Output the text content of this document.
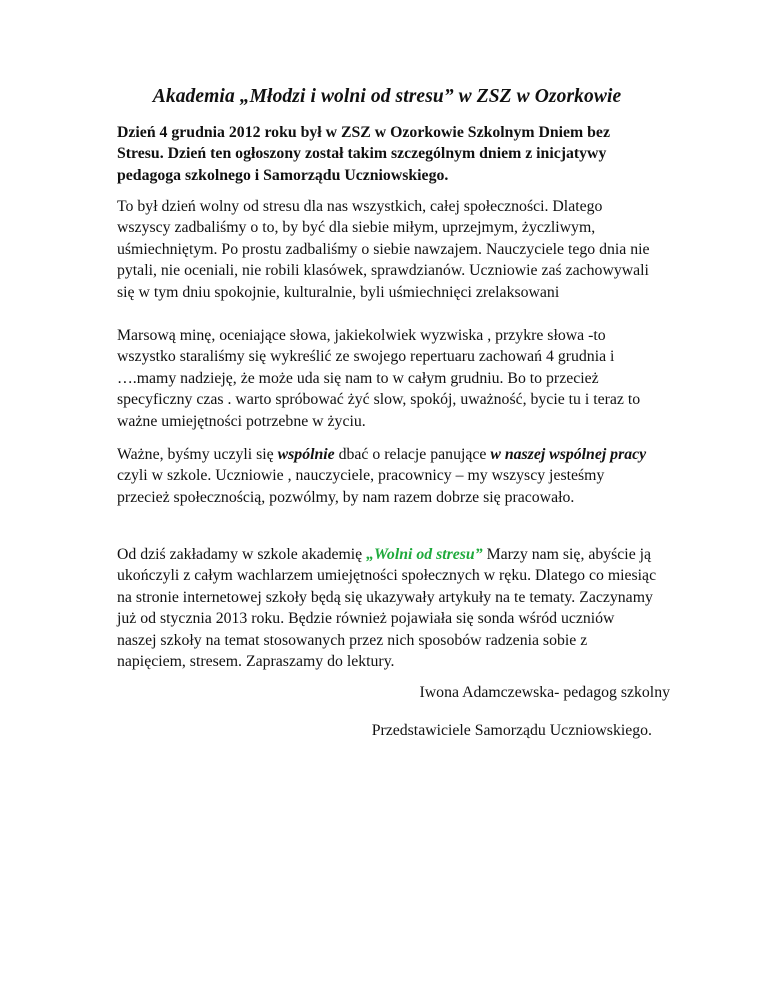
Akademia „Młodzi i wolni od stresu” w ZSZ w Ozorkowie

Dzień 4 grudnia 2012 roku był w ZSZ w Ozorkowie Szkolnym Dniem bez Stresu. Dzień ten ogłoszony został takim szczególnym dniem z inicjatywy pedagoga szkolnego i Samorządu Uczniowskiego.

To był dzień wolny od stresu dla nas wszystkich, całej społeczności. Dlatego wszyscy zadbaliśmy o to, by być dla siebie miłym, uprzejmym, życzliwym, uśmiechniętym. Po prostu zadbaliśmy o siebie nawzajem. Nauczyciele tego dnia nie pytali, nie oceniali, nie robili klasówek, sprawdzianów. Uczniowie zaś zachowywali się w tym dniu spokojnie, kulturalnie, byli uśmiechnięci zrelaksowani

Marsową minę, oceniające słowa, jakiekolwiek wyzwiska , przykre słowa -to wszystko staraliśmy się wykreślić ze swojego repertuaru zachowań 4 grudnia i ….mamy nadzieję, że może uda się nam to w całym grudniu. Bo to przecież specyficzny czas . warto spróbować żyć slow, spokój, uważność, bycie tu i teraz to ważne umiejętności potrzebne w życiu.

Ważne, byśmy uczyli się wspólnie dbać o relacje panujące w naszej wspólnej pracy czyli w szkole. Uczniowie , nauczyciele, pracownicy – my wszyscy jesteśmy przecież społecznością, pozwólmy, by nam razem dobrze się pracowało.

Od dziś zakładamy w szkole akademię „Wolni od stresu” Marzy nam się, abyście ją ukończyli z całym wachlarzem umiejętności społecznych w ręku. Dlatego co miesiąc na stronie internetowej szkoły będą się ukazywały artykuły na te tematy. Zaczynamy już od stycznia 2013 roku. Będzie również pojawiała się sonda wśród uczniów naszej szkoły na temat stosowanych przez nich sposobów radzenia sobie z napięciem, stresem. Zapraszamy do lektury.

Iwona Adamczewska- pedagog szkolny

Przedstawiciele Samorządu Uczniowskiego.
